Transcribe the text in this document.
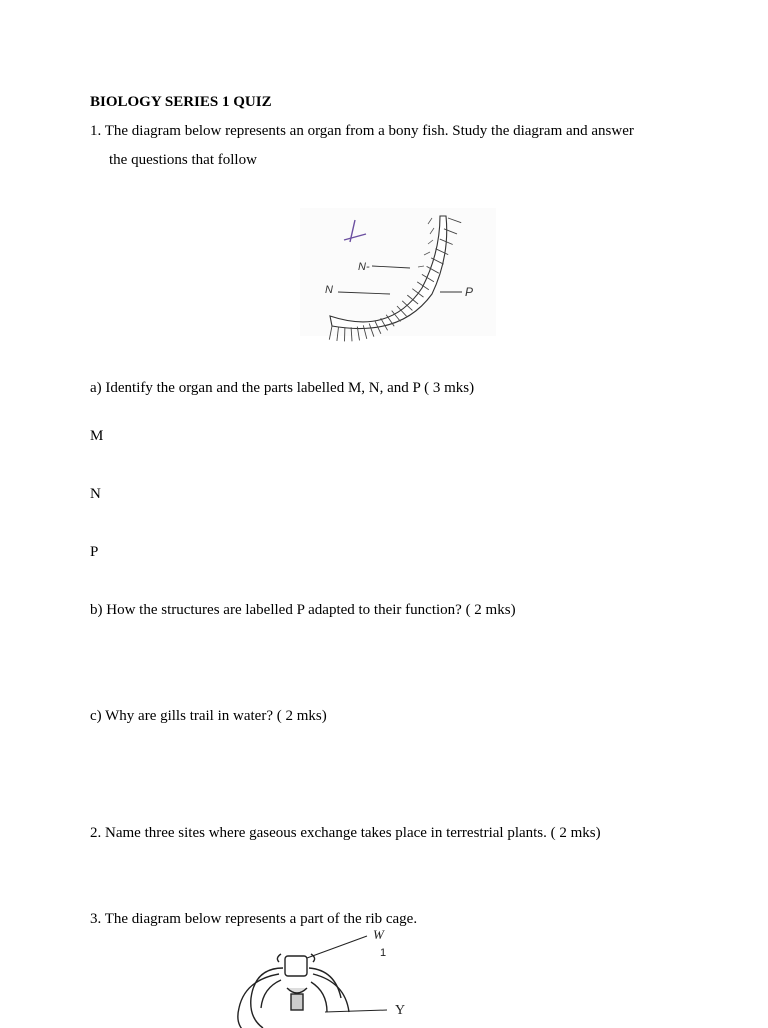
BIOLOGY SERIES 1 QUIZ
1. The diagram below represents an organ from a bony fish. Study the diagram and answer
the questions that follow
N-
N	P
a) Identify the organ and the parts labelled M, N, and P ( 3 mks)
M
N
P
b) How the structures are labelled P adapted to their function? ( 2 mks)
c) Why are gills trail in water? ( 2 mks)
2. Name three sites where gaseous exchange takes place in terrestrial plants. ( 2 mks)
3. The diagram below represents a part of the rib cage.
W
1
Y
